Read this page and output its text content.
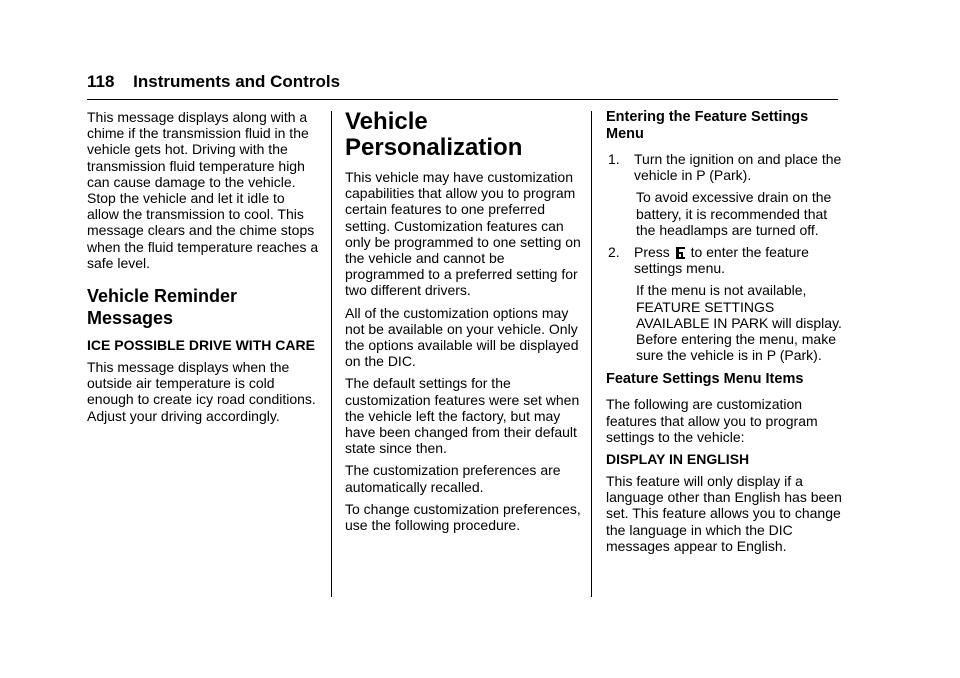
118 Instruments and Controls

This message displays along with a chime if the transmission fluid in the vehicle gets hot. Driving with the transmission fluid temperature high can cause damage to the vehicle. Stop the vehicle and let it idle to allow the transmission to cool. This message clears and the chime stops when the fluid temperature reaches a safe level.

Vehicle Reminder Messages
ICE POSSIBLE DRIVE WITH CARE

This message displays when the outside air temperature is cold enough to create icy road conditions. Adjust your driving accordingly.

Vehicle Personalization

This vehicle may have customization capabilities that allow you to program certain features to one preferred setting. Customization features can only be programmed to one setting on the vehicle and cannot be programmed to a preferred setting for two different drivers.

All of the customization options may not be available on your vehicle. Only the options available will be displayed on the DIC.

The default settings for the customization features were set when the vehicle left the factory, but may have been changed from their default state since then.

The customization preferences are automatically recalled.

To change customization preferences, use the following procedure.

Entering the Feature Settings Menu
1.	Turn the ignition on and place the vehicle in P (Park).

To avoid excessive drain on the battery, it is recommended that the headlamps are turned off.

2.	Press to enter the feature settings menu.

If the menu is not available, FEATURE SETTINGS AVAILABLE IN PARK will display. Before entering the menu, make sure the vehicle is in P (Park).

Feature Settings Menu Items

The following are customization features that allow you to program settings to the vehicle:

DISPLAY IN ENGLISH

This feature will only display if a language other than English has been set. This feature allows you to change the language in which the DIC messages appear to English.
